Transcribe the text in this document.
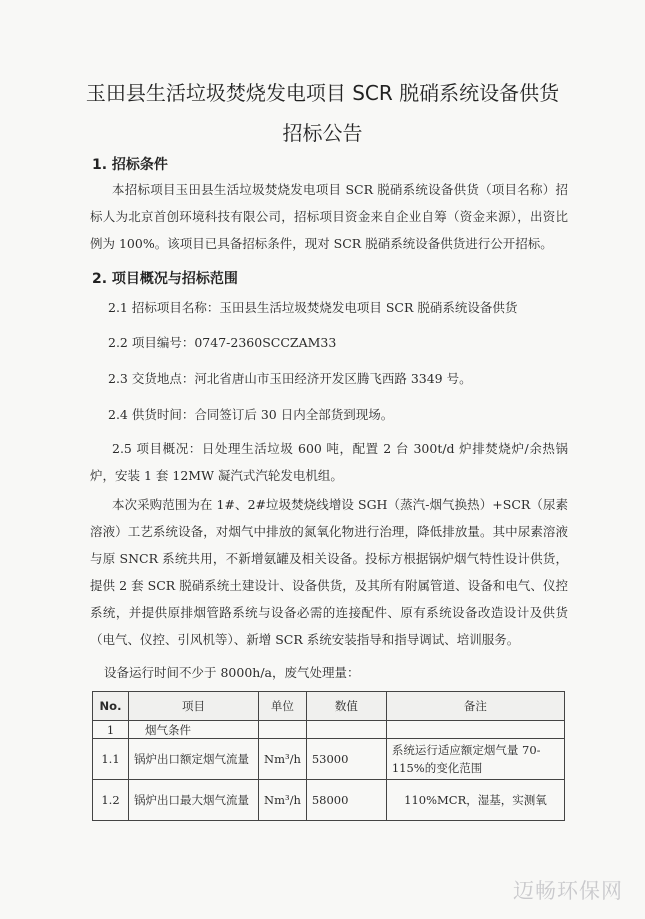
玉田县生活垃圾焚烧发电项目 SCR 脱硝系统设备供货
招标公告
1. 招标条件
本招标项目玉田县生活垃圾焚烧发电项目 SCR 脱硝系统设备供货（项目名称）招标人为北京首创环境科技有限公司，招标项目资金来自企业自筹（资金来源），出资比例为 100%。该项目已具备招标条件，现对 SCR 脱硝系统设备供货进行公开招标。
2. 项目概况与招标范围
2.1 招标项目名称：玉田县生活垃圾焚烧发电项目 SCR 脱硝系统设备供货
2.2 项目编号：0747-2360SCCZAM33
2.3 交货地点：河北省唐山市玉田经济开发区腾飞西路 3349 号。
2.4 供货时间：合同签订后 30 日内全部货到现场。
2.5 项目概况：日处理生活垃圾 600 吨，配置 2 台 300t/d 炉排焚烧炉/余热锅炉，安装 1 套 12MW 凝汽式汽轮发电机组。
本次采购范围为在 1#、2#垃圾焚烧线增设 SGH（蒸汽-烟气换热）+SCR（尿素溶液）工艺系统设备，对烟气中排放的氮氧化物进行治理，降低排放量。其中尿素溶液与原 SNCR 系统共用，不新增氨罐及相关设备。投标方根据锅炉烟气特性设计供货，提供 2 套 SCR 脱硝系统土建设计、设备供货，及其所有附属管道、设备和电气、仪控系统，并提供原排烟管路系统与设备必需的连接配件、原有系统设备改造设计及供货（电气、仪控、引风机等）、新增 SCR 系统安装指导和指导调试、培训服务。
设备运行时间不少于 8000h/a，废气处理量：
No.	项目	单位	数值	备注
1	烟气条件			
1.1	锅炉出口额定烟气流量	Nm³/h	53000	系统运行适应额定烟气量 70-115%的变化范围
1.2	锅炉出口最大烟气流量	Nm³/h	58000	110%MCR，湿基，实测氧
迈畅环保网
